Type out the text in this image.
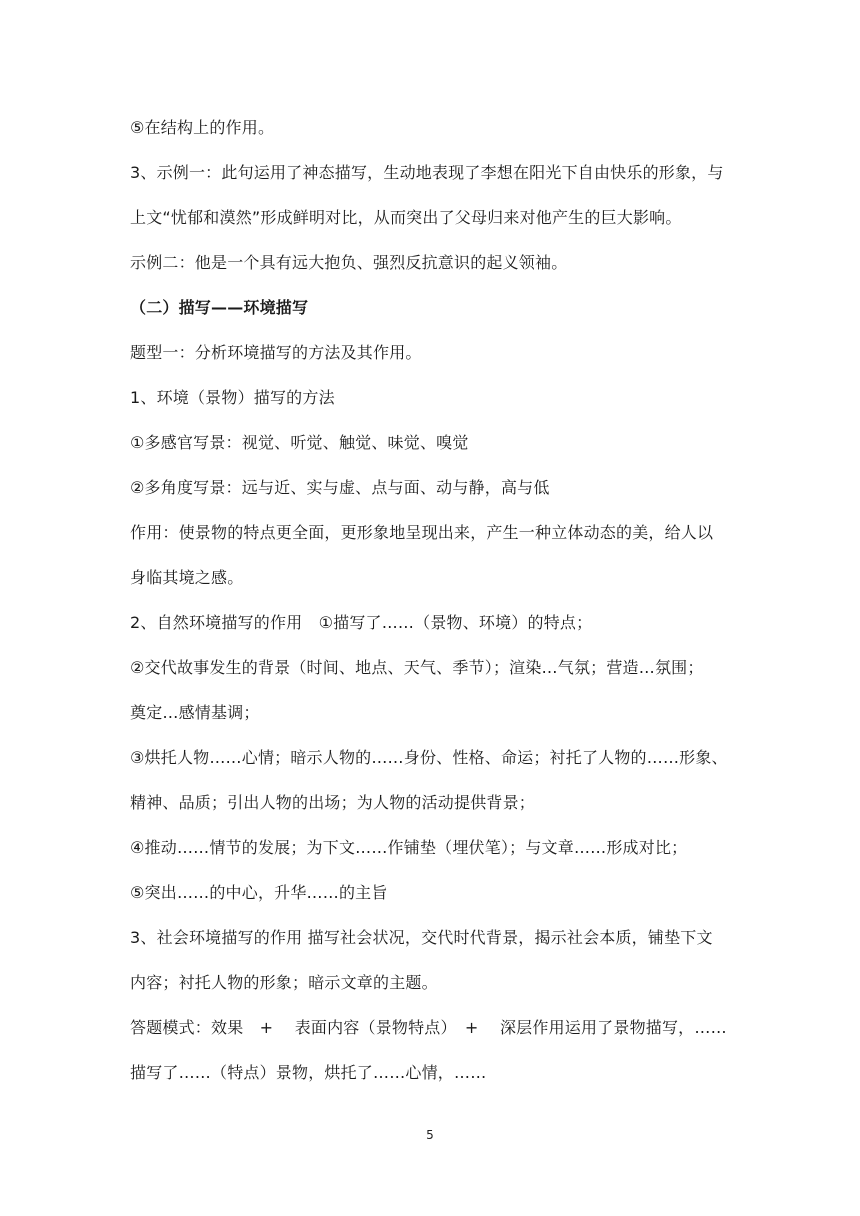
⑤在结构上的作用。
3、示例一：此句运用了神态描写，生动地表现了李想在阳光下自由快乐的形象，与
上文“忧郁和漠然”形成鲜明对比，从而突出了父母归来对他产生的巨大影响。
示例二：他是一个具有远大抱负、强烈反抗意识的起义领袖。
（二）描写——环境描写
题型一：分析环境描写的方法及其作用。
1、环境（景物）描写的方法
①多感官写景：视觉、听觉、触觉、味觉、嗅觉
②多角度写景：远与近、实与虚、点与面、动与静，高与低
作用：使景物的特点更全面，更形象地呈现出来，产生一种立体动态的美，给人以
身临其境之感。
2、自然环境描写的作用　①描写了……（景物、环境）的特点；
②交代故事发生的背景（时间、地点、天气、季节）；渲染…气氛；营造…氛围；
奠定…感情基调；
③烘托人物……心情；暗示人物的……身份、性格、命运；衬托了人物的……形象、
精神、品质；引出人物的出场；为人物的活动提供背景；
④推动……情节的发展；为下文……作铺垫（埋伏笔）；与文章……形成对比；
⑤突出……的中心，升华……的主旨
3、社会环境描写的作用 描写社会状况，交代时代背景，揭示社会本质，铺垫下文
内容；衬托人物的形象；暗示文章的主题。
答题模式：效果　+　 表面内容（景物特点）　+　 深层作用运用了景物描写，……
描写了……（特点）景物，烘托了……心情，……
5
